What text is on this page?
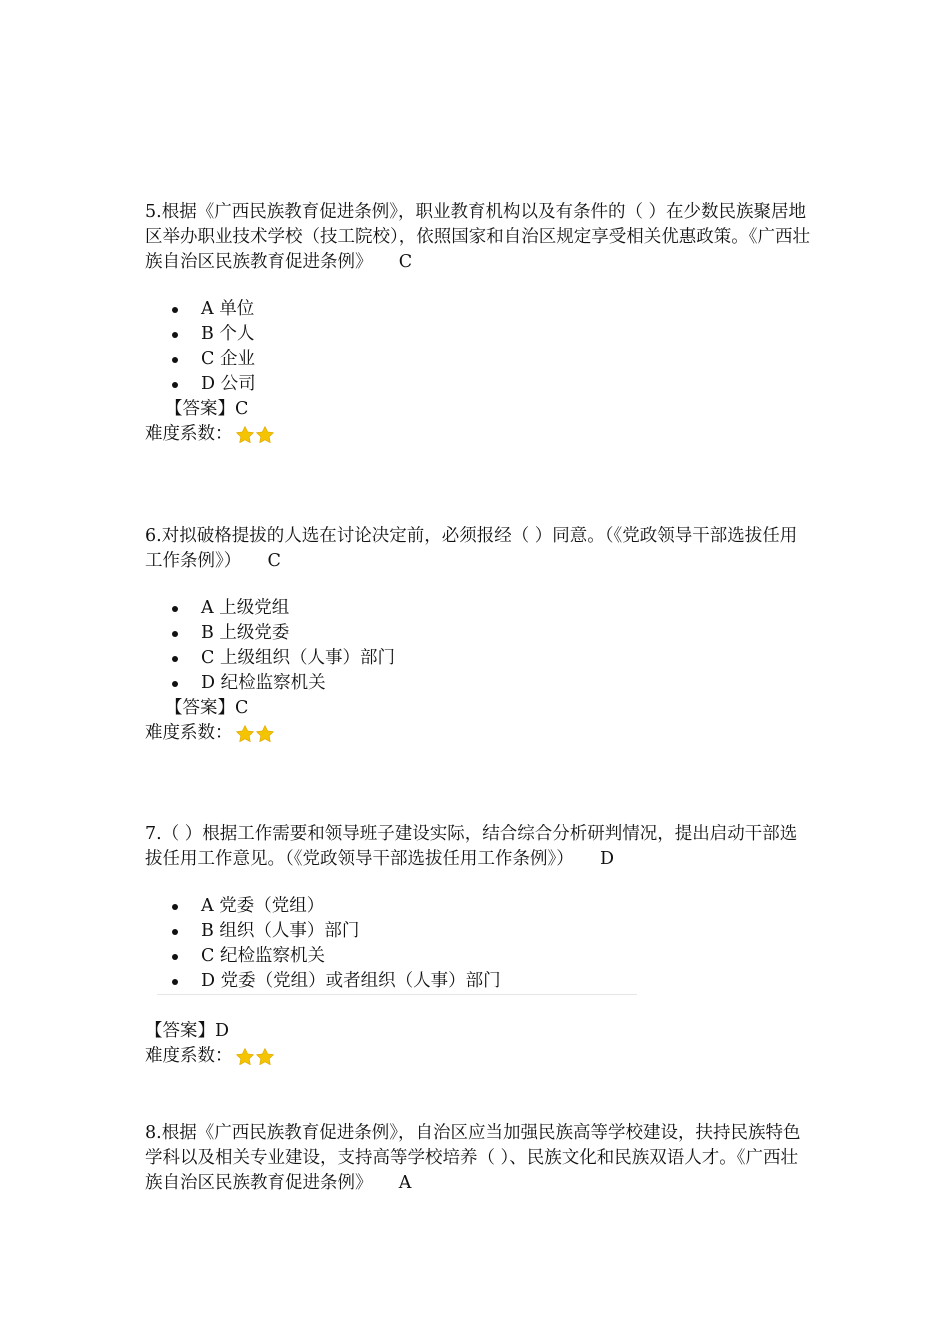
5.根据《广西民族教育促进条例》，职业教育机构以及有条件的（ ）在少数民族聚居地区举办职业技术学校（技工院校），依照国家和自治区规定享受相关优惠政策。《广西壮族自治区民族教育促进条例》　　C

A 单位
B 个人
C 企业
D 公司
【答案】C
难度系数：

6.对拟破格提拔的人选在讨论决定前，必须报经（ ）同意。（《党政领导干部选拔任用工作条例》）　　C

A 上级党组
B 上级党委
C 上级组织（人事）部门
D 纪检监察机关
【答案】C
难度系数：

7.（ ）根据工作需要和领导班子建设实际，结合综合分析研判情况，提出启动干部选拔任用工作意见。（《党政领导干部选拔任用工作条例》）　　D

A 党委（党组）
B 组织（人事）部门
C 纪检监察机关
D 党委（党组）或者组织（人事）部门
【答案】D
难度系数：

8.根据《广西民族教育促进条例》，自治区应当加强民族高等学校建设，扶持民族特色学科以及相关专业建设，支持高等学校培养（ ）、民族文化和民族双语人才。《广西壮族自治区民族教育促进条例》　　A
